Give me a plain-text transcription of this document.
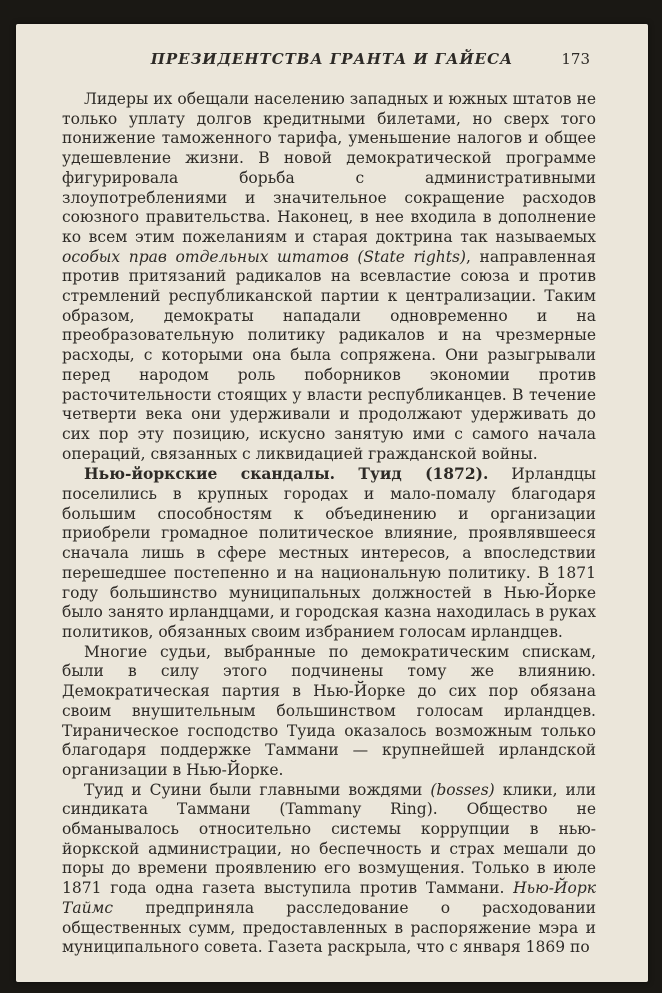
ПРЕЗИДЕНТСТВА ГРАНТА И ГАЙЕСА	173

Лидеры их обещали населению западных и южных штатов не только уплату долгов кредитными билетами, но сверх того понижение таможенного тарифа, уменьшение налогов и общее удешевление жизни. В новой демократической программе фигурировала борьба с административными злоупотреблениями и значительное сокращение расходов союзного правительства. Наконец, в нее входила в дополнение ко всем этим пожеланиям и старая доктрина так называемых особых прав отдельных штатов (State rights), направленная против притязаний радикалов на всевластие союза и против стремлений республиканской партии к централизации. Таким образом, демократы нападали одновременно и на преобразовательную политику радикалов и на чрезмерные расходы, с которыми она была сопряжена. Они разыгрывали перед народом роль поборников экономии против расточительности стоящих у власти республиканцев. В течение четверти века они удерживали и продолжают удерживать до сих пор эту позицию, искусно занятую ими с самого начала операций, связанных с ликвидацией гражданской войны.

Нью-йоркские скандалы. Туид (1872). Ирландцы поселились в крупных городах и мало-помалу благодаря большим способностям к объединению и организации приобрели громадное политическое влияние, проявлявшееся сначала лишь в сфере местных интересов, а впоследствии перешедшее постепенно и на национальную политику. В 1871 году большинство муниципальных должностей в Нью-Йорке было занято ирландцами, и городская казна находилась в руках политиков, обязанных своим избранием голосам ирландцев.

Многие судьи, выбранные по демократическим спискам, были в силу этого подчинены тому же влиянию. Демократическая партия в Нью-Йорке до сих пор обязана своим внушительным большинством голосам ирландцев. Тираническое господство Туида оказалось возможным только благодаря поддержке Таммани — крупнейшей ирландской организации в Нью-Йорке.

Туид и Суини были главными вождями (bosses) клики, или синдиката Таммани (Tammany Ring). Общество не обманывалось относительно системы коррупции в нью-йоркской администрации, но беспечность и страх мешали до поры до времени проявлению его возмущения. Только в июле 1871 года одна газета выступила против Таммани. Нью-Йорк Таймс предприняла расследование о расходовании общественных сумм, предоставленных в распоряжение мэра и муниципального совета. Газета раскрыла, что с января 1869 по
